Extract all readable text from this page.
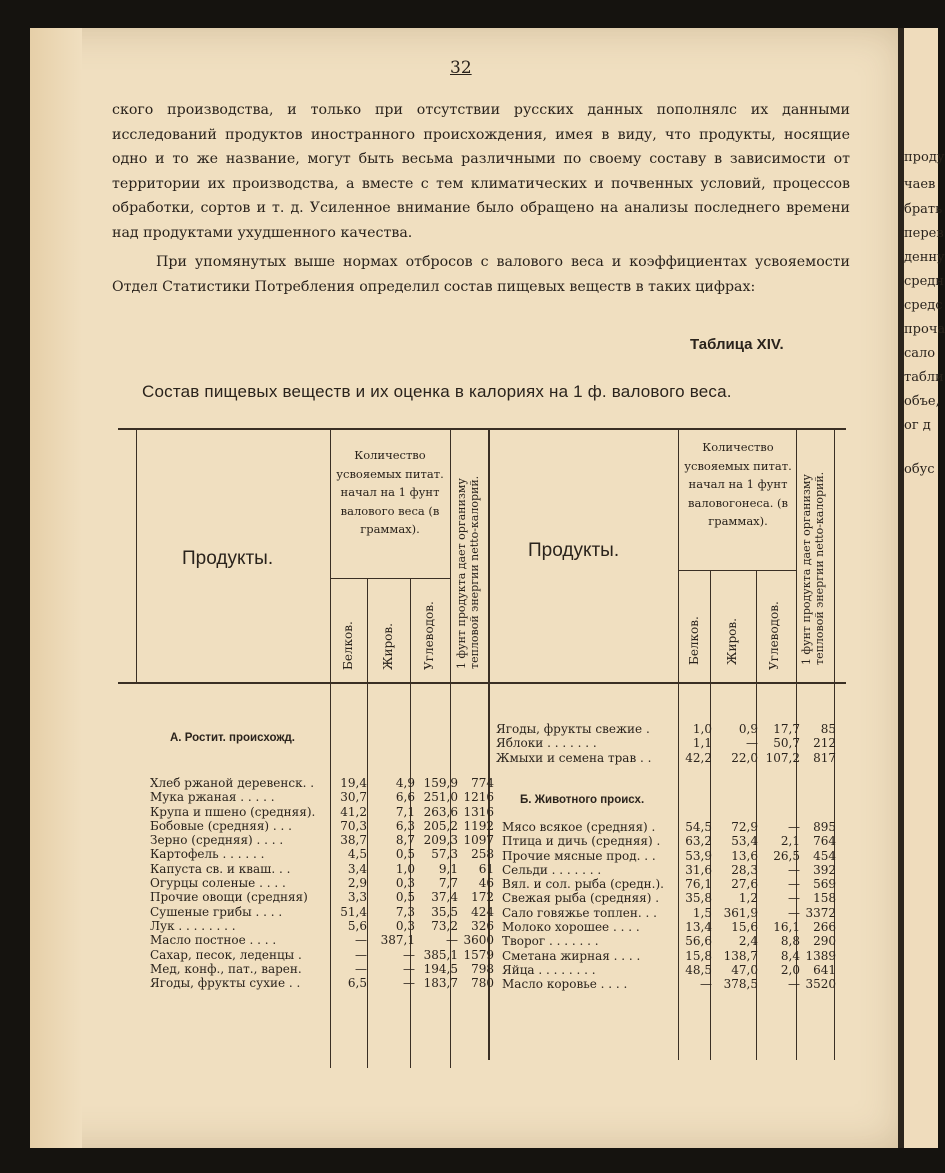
проду
чаев
брать
перев
денну
средн
средс
проча
сало
табли
объе,
ог д
обус
32

ского производства, и только при отсутствии русских данных пополнялс их данными исследований продуктов иностранного происхождения, имея в виду, что продукты, носящие одно и то же название, могут быть весьма различными по своему составу в зависимости от территории их производства, а вместе с тем климатических и почвенных условий, процессов обработки, сортов и т. д. Усиленное внимание было обращено на анализы последнего времени над продуктами ухудшенного качества.

При упомянутых выше нормах отбросов с валового веса и коэффициентах усвояемости Отдел Статистики Потребления определил состав пищевых веществ в таких цифрах:

Таблица XIV.
Состав пищевых веществ и их оценка в калориях на 1 ф. валового веса.
Продукты.	Продукты.
Количество усвояемых питат. начал на 1 фунт валового веса (в граммах).
Количество усвояемых питат. начал на 1 фунт валовогонеса. (в граммах).
Белков. Жиров. Углеводов. 1 фунт продукта дает организму тепловой энергии netto-калорий.	Белков. Жиров. Углеводов. 1 фунт продукта дает организму тепловой энергии netto-калорий.
А. Ростит. происхожд.
Б. Животного происх.
Хлеб ржаной деревенск. .	19,4	4,9 159,9	774
Мука ржаная . . . . .	30,7	6,6 251,0 1216
Крупа и пшено (средняя).	41,2	7,1 263,6 1316
Бобовые (средняя) . . .	70,3	6,3 205,2 1192
Зерно (средняя) . . . .	38,7	8,7 209,3 1097
Картофель . . . . . .	4,5	0,5	57,3	258
Капуста св. и кваш. . .	3,4	1,0	9,1	61
Огурцы соленые . . . .	2,9	0,3	7,7	46
Прочие овощи (средняя)	3,3	0,5	37,4	172
Сушеные грибы . . . .	51,4	7,3	35,5	424
Лук . . . . . . . .	5,6	0,3	73,2	326
Масло постное . . . .	—	387,1	— 3600
Сахар, песок, леденцы .	—	— 385,1 1579
Мед, конф., пат., варен.	—	— 194,5	798
Ягоды, фрукты сухие . .	6,5	— 183,7	780
Ягоды, фрукты свежие .	1,0	0,9	17,7	85
Яблоки . . . . . . .	1,1	—	50,7	212
Жмыхи и семена трав . .	42,2	22,0 107,2	817
Мясо всякое (средняя) .	54,5	72,9	—	895
Птица и дичь (средняя) .	63,2	53,4	2,1	764
Прочие мясные прод. . .	53,9	13,6	26,5	454
Сельди . . . . . . .	31,6	28,3	—	392
Вял. и сол. рыба (средн.).	76,1	27,6	—	569
Свежая рыба (средняя) .	35,8	1,2	—	158
Сало говяжье топлен. . .	1,5 361,9	— 3372
Молоко хорошее . . . .	13,4	15,6	16,1	266
Творог . . . . . . .	56,6	2,4	8,8	290
Сметана жирная . . . .	15,8 138,7	8,4 1389
Яйца . . . . . . . .	48,5	47,0	2,0	641
Масло коровье . . . .	— 378,5	— 3520
